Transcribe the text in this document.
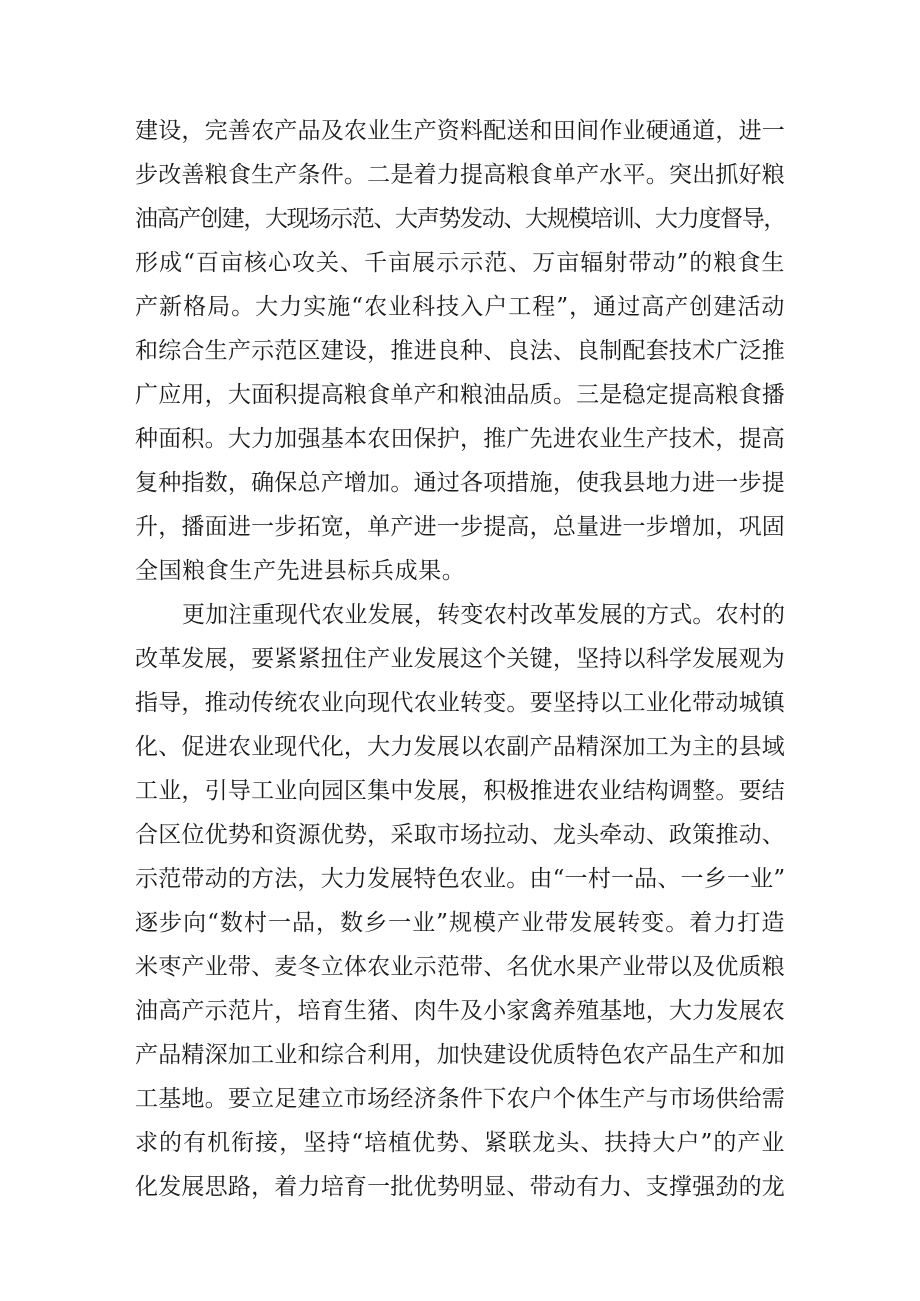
建设，完善农产品及农业生产资料配送和田间作业硬通道，进一
步改善粮食生产条件。二是着力提高粮食单产水平。突出抓好粮
油高产创建，大现场示范、大声势发动、大规模培训、大力度督导，
形成“百亩核心攻关、千亩展示示范、万亩辐射带动”的粮食生
产新格局。大力实施“农业科技入户工程”，通过高产创建活动
和综合生产示范区建设，推进良种、良法、良制配套技术广泛推
广应用，大面积提高粮食单产和粮油品质。三是稳定提高粮食播
种面积。大力加强基本农田保护，推广先进农业生产技术，提高
复种指数，确保总产增加。通过各项措施，使我县地力进一步提
升，播面进一步拓宽，单产进一步提高，总量进一步增加，巩固
全国粮食生产先进县标兵成果。
更加注重现代农业发展，转变农村改革发展的方式。农村的
改革发展，要紧紧扭住产业发展这个关键，坚持以科学发展观为
指导，推动传统农业向现代农业转变。要坚持以工业化带动城镇
化、促进农业现代化，大力发展以农副产品精深加工为主的县域
工业，引导工业向园区集中发展，积极推进农业结构调整。要结
合区位优势和资源优势，采取市场拉动、龙头牵动、政策推动、
示范带动的方法，大力发展特色农业。由“一村一品、一乡一业”
逐步向“数村一品，数乡一业”规模产业带发展转变。着力打造
米枣产业带、麦冬立体农业示范带、名优水果产业带以及优质粮
油高产示范片，培育生猪、肉牛及小家禽养殖基地，大力发展农
产品精深加工业和综合利用，加快建设优质特色农产品生产和加
工基地。要立足建立市场经济条件下农户个体生产与市场供给需
求的有机衔接，坚持“培植优势、紧联龙头、扶持大户”的产业
化发展思路，着力培育一批优势明显、带动有力、支撑强劲的龙
